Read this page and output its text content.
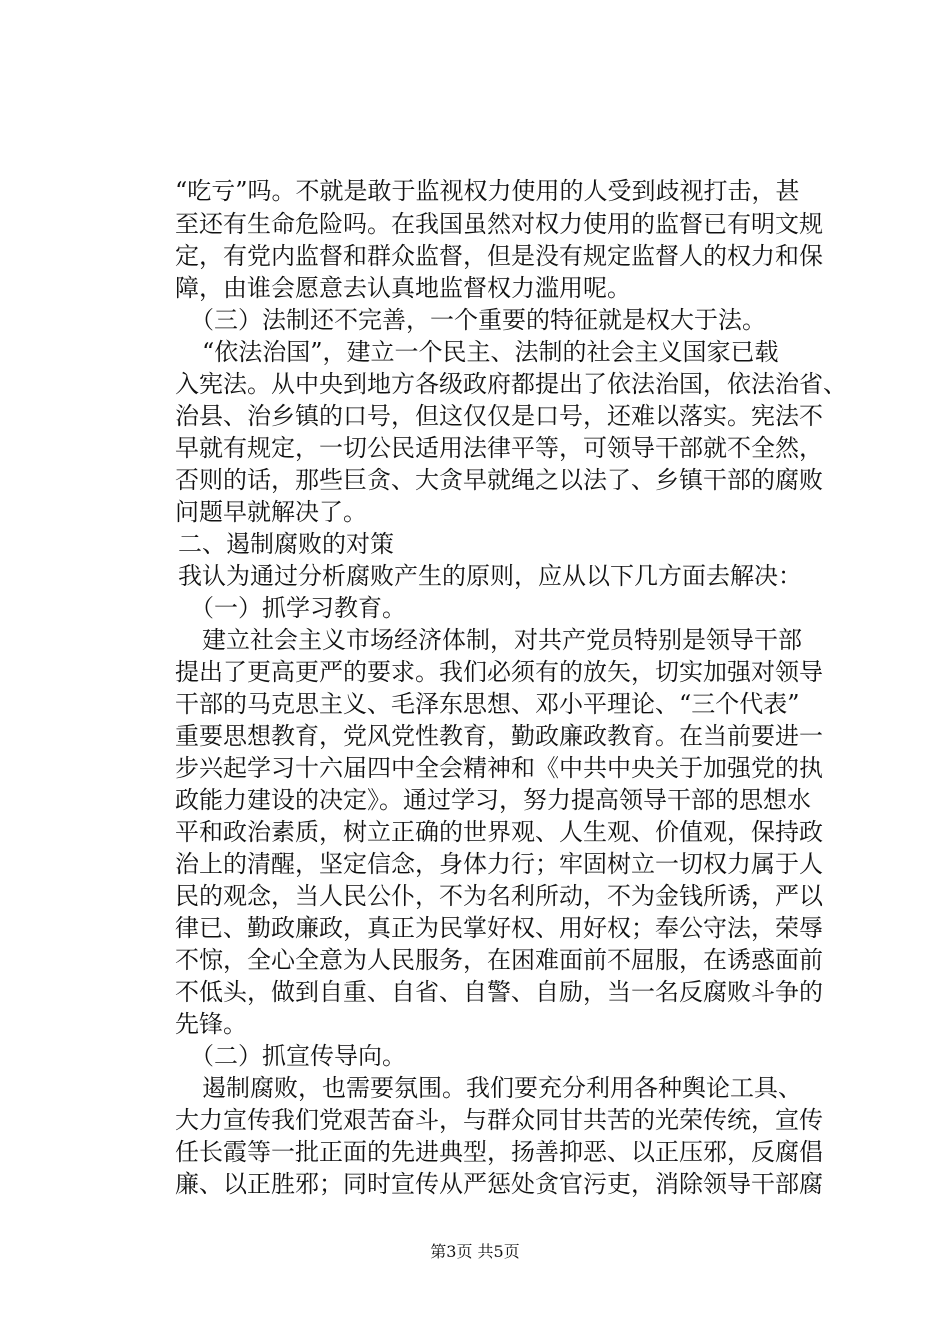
“吃亏”吗。不就是敢于监视权力使用的人受到歧视打击，甚
至还有生命危险吗。在我国虽然对权力使用的监督已有明文规
定，有党内监督和群众监督，但是没有规定监督人的权力和保
障，由谁会愿意去认真地监督权力滥用呢。
（三）法制还不完善，一个重要的特征就是权大于法。
“依法治国”，建立一个民主、法制的社会主义国家已载
入宪法。从中央到地方各级政府都提出了依法治国，依法治省、
治县、治乡镇的口号，但这仅仅是口号，还难以落实。宪法不
早就有规定，一切公民适用法律平等，可领导干部就不全然，
否则的话，那些巨贪、大贪早就绳之以法了、乡镇干部的腐败
问题早就解决了。
二、遏制腐败的对策
我认为通过分析腐败产生的原则，应从以下几方面去解决：
（一）抓学习教育。
建立社会主义市场经济体制，对共产党员特别是领导干部
提出了更高更严的要求。我们必须有的放矢，切实加强对领导
干部的马克思主义、毛泽东思想、邓小平理论、“三个代表”
重要思想教育，党风党性教育，勤政廉政教育。在当前要进一
步兴起学习十六届四中全会精神和《中共中央关于加强党的执
政能力建设的决定》。通过学习，努力提高领导干部的思想水
平和政治素质，树立正确的世界观、人生观、价值观，保持政
治上的清醒，坚定信念，身体力行；牢固树立一切权力属于人
民的观念，当人民公仆，不为名利所动，不为金钱所诱，严以
律已、勤政廉政，真正为民掌好权、用好权；奉公守法，荣辱
不惊，全心全意为人民服务，在困难面前不屈服，在诱惑面前
不低头，做到自重、自省、自警、自励，当一名反腐败斗争的
先锋。
（二）抓宣传导向。
遏制腐败，也需要氛围。我们要充分利用各种舆论工具、
大力宣传我们党艰苦奋斗，与群众同甘共苦的光荣传统，宣传
任长霞等一批正面的先进典型，扬善抑恶、以正压邪，反腐倡
廉、以正胜邪；同时宣传从严惩处贪官污吏，消除领导干部腐
第3页 共5页
